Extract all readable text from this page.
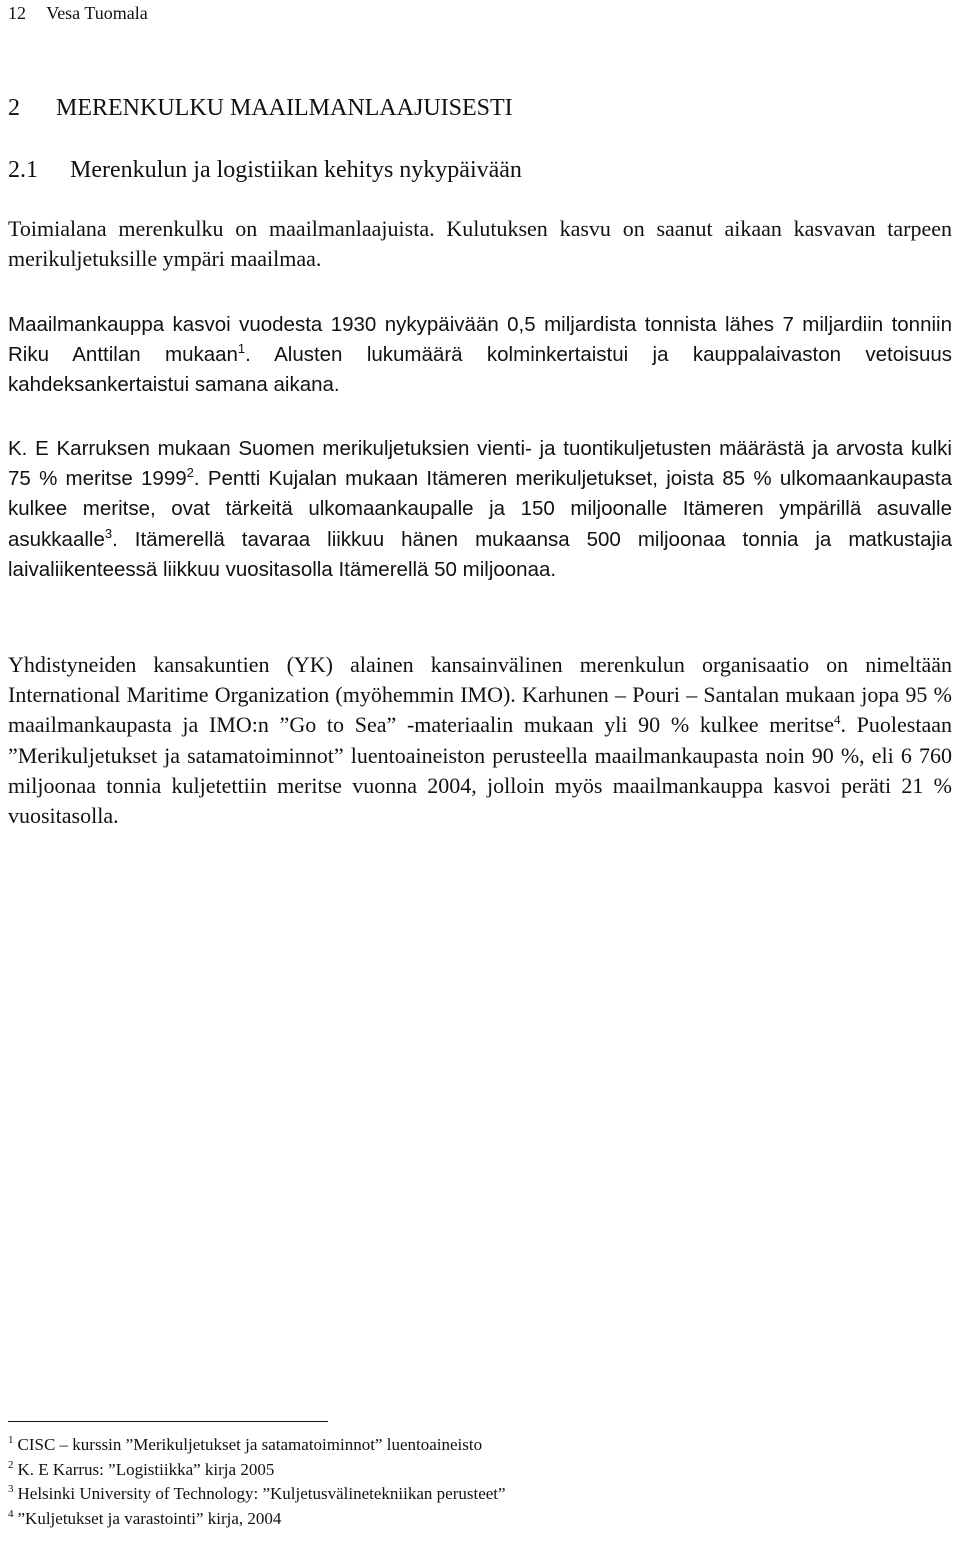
12 Vesa Tuomala
2 MERENKULKU MAAILMANLAAJUISESTI
2.1 Merenkulun ja logistiikan kehitys nykypäivään

Toimialana merenkulku on maailmanlaajuista. Kulutuksen kasvu on saanut aikaan kasvavan tarpeen merikuljetuksille ympäri maailmaa.

Maailmankauppa kasvoi vuodesta 1930 nykypäivään 0,5 miljardista tonnista lähes 7 miljardiin tonniin Riku Anttilan mukaan$^1$. Alusten lukumäärä kolminkertaistui ja kauppalaivaston vetoisuus kahdeksankertaistui samana aikana.

K. E Karruksen mukaan Suomen merikuljetuksien vienti- ja tuontikuljetusten määrästä ja arvosta kulki 75 % meritse 1999$^2$. Pentti Kujalan mukaan Itämeren merikuljetukset, joista 85 % ulkomaankaupasta kulkee meritse, ovat tärkeitä ulkomaankaupalle ja 150 miljoonalle Itämeren ympärillä asuvalle asukkaalle$^3$. Itämerellä tavaraa liikkuu hänen mukaansa 500 miljoonaa tonnia ja matkustajia laivaliikenteessä liikkuu vuositasolla Itämerellä 50 miljoonaa.

Yhdistyneiden kansakuntien (YK) alainen kansainvälinen merenkulun organisaatio on nimeltään International Maritime Organization (myöhemmin IMO). Karhunen – Pouri – Santalan mukaan jopa 95 % maailmankaupasta ja IMO:n ”Go to Sea” -materiaalin mukaan yli 90 % kulkee meritse$^4$. Puolestaan ”Merikuljetukset ja satamatoiminnot” luentoaineiston perusteella maailmankaupasta noin 90 %, eli 6 760 miljoonaa tonnia kuljetettiin meritse vuonna 2004, jolloin myös maailmankauppa kasvoi peräti 21 % vuositasolla.

$^1$ CISC – kurssin ”Merikuljetukset ja satamatoiminnot” luentoaineisto
$^2$ K. E Karrus: ”Logistiikka” kirja 2005
$^3$ Helsinki University of Technology: ”Kuljetusvälinetekniikan perusteet”
$^4$ ”Kuljetukset ja varastointi” kirja, 2004
